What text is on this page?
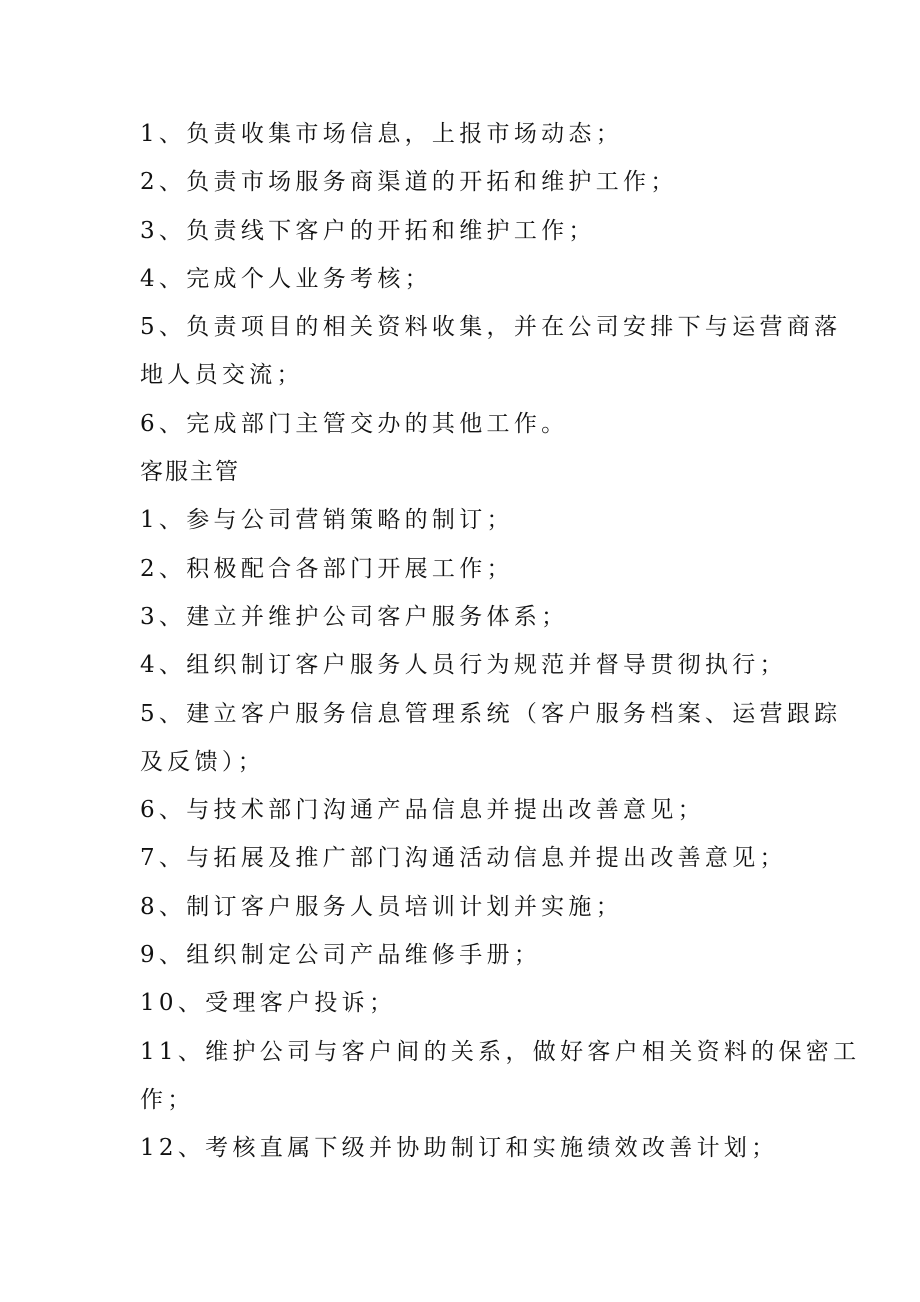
1、负责收集市场信息，上报市场动态；
2、负责市场服务商渠道的开拓和维护工作；
3、负责线下客户的开拓和维护工作；
4、完成个人业务考核；
5、负责项目的相关资料收集，并在公司安排下与运营商落
地人员交流；
6、完成部门主管交办的其他工作。
客服主管
1、参与公司营销策略的制订；
2、积极配合各部门开展工作；
3、建立并维护公司客户服务体系；
4、组织制订客户服务人员行为规范并督导贯彻执行；
5、建立客户服务信息管理系统（客户服务档案、运营跟踪
及反馈）；
6、与技术部门沟通产品信息并提出改善意见；
7、与拓展及推广部门沟通活动信息并提出改善意见；
8、制订客户服务人员培训计划并实施；
9、组织制定公司产品维修手册；
10、受理客户投诉；
11、维护公司与客户间的关系，做好客户相关资料的保密工
作；
12、考核直属下级并协助制订和实施绩效改善计划；
